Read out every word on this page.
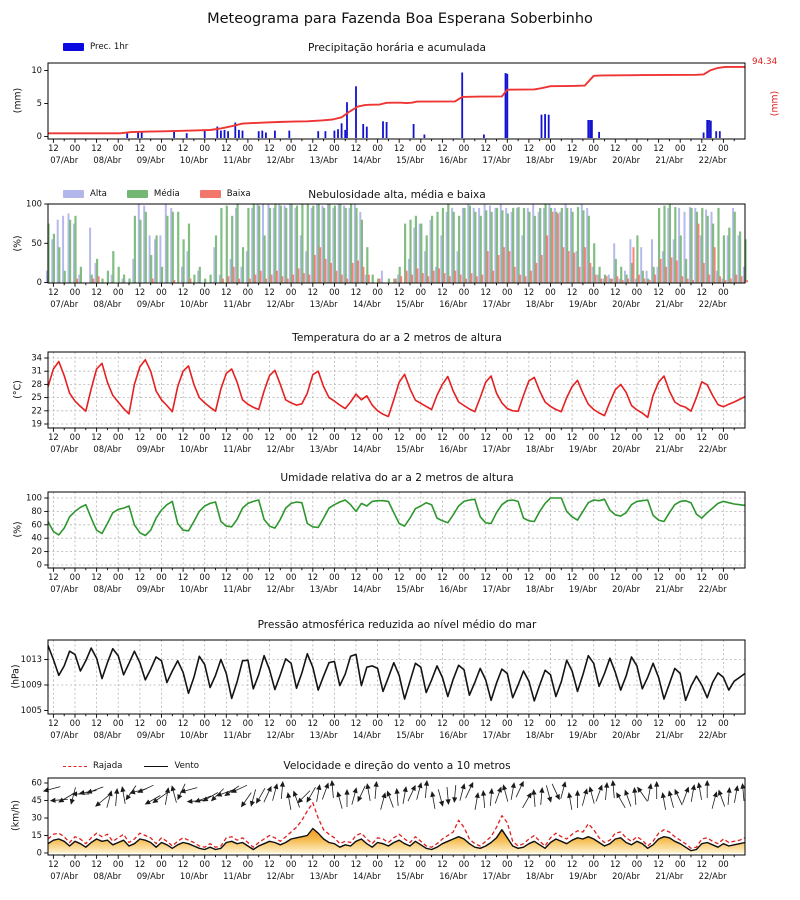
Meteograma para Fazenda Boa Esperana Soberbinho
Precipitação horária e acumulada
Nebulosidade alta, média e baixa
Temperatura do ar a 2 metros de altura
Umidade relativa do ar a 2 metros de altura
Pressão atmosférica reduzida ao nível médio do mar
Velocidade e direção do vento a 10 metros
Prec. 1hr
Alta	Média	Baixa
Rajada	Vento
(mm)
(%)
(°C)
(%)
(hPa)
(km/h)
(mm)
94.34
12 00 12 00 12 00 12 00 12 00 12 00 12 00 12 00 12 00 12 00 12 00 12 00 12 00 12 00 12 00 12 00
07/Abr 08/Abr 09/Abr 10/Abr 11/Abr 12/Abr 13/Abr 14/Abr 15/Abr 16/Abr 17/Abr 18/Abr 19/Abr 20/Abr 21/Abr 22/Abr
0
5
10
12 00 12 00 12 00 12 00 12 00 12 00 12 00 12 00 12 00 12 00 12 00 12 00 12 00 12 00 12 00 12 00
07/Abr 08/Abr 09/Abr 10/Abr 11/Abr 12/Abr 13/Abr 14/Abr 15/Abr 16/Abr 17/Abr 18/Abr 19/Abr 20/Abr 21/Abr 22/Abr
0
50
100
12 00 12 00 12 00 12 00 12 00 12 00 12 00 12 00 12 00 12 00 12 00 12 00 12 00 12 00 12 00 12 00
07/Abr 08/Abr 09/Abr 10/Abr 11/Abr 12/Abr 13/Abr 14/Abr 15/Abr 16/Abr 17/Abr 18/Abr 19/Abr 20/Abr 21/Abr 22/Abr
19
22
25
28
31
34
12 00 12 00 12 00 12 00 12 00 12 00 12 00 12 00 12 00 12 00 12 00 12 00 12 00 12 00 12 00 12 00
07/Abr 08/Abr 09/Abr 10/Abr 11/Abr 12/Abr 13/Abr 14/Abr 15/Abr 16/Abr 17/Abr 18/Abr 19/Abr 20/Abr 21/Abr 22/Abr
0
20
40
60
80
100
12 00 12 00 12 00 12 00 12 00 12 00 12 00 12 00 12 00 12 00 12 00 12 00 12 00 12 00 12 00 12 00
07/Abr 08/Abr 09/Abr 10/Abr 11/Abr 12/Abr 13/Abr 14/Abr 15/Abr 16/Abr 17/Abr 18/Abr 19/Abr 20/Abr 21/Abr 22/Abr
1005
1009
1013
12 00 12 00 12 00 12 00 12 00 12 00 12 00 12 00 12 00 12 00 12 00 12 00 12 00 12 00 12 00 12 00
07/Abr 08/Abr 09/Abr 10/Abr 11/Abr 12/Abr 13/Abr 14/Abr 15/Abr 16/Abr 17/Abr 18/Abr 19/Abr 20/Abr 21/Abr 22/Abr
0
15
30
45
60
